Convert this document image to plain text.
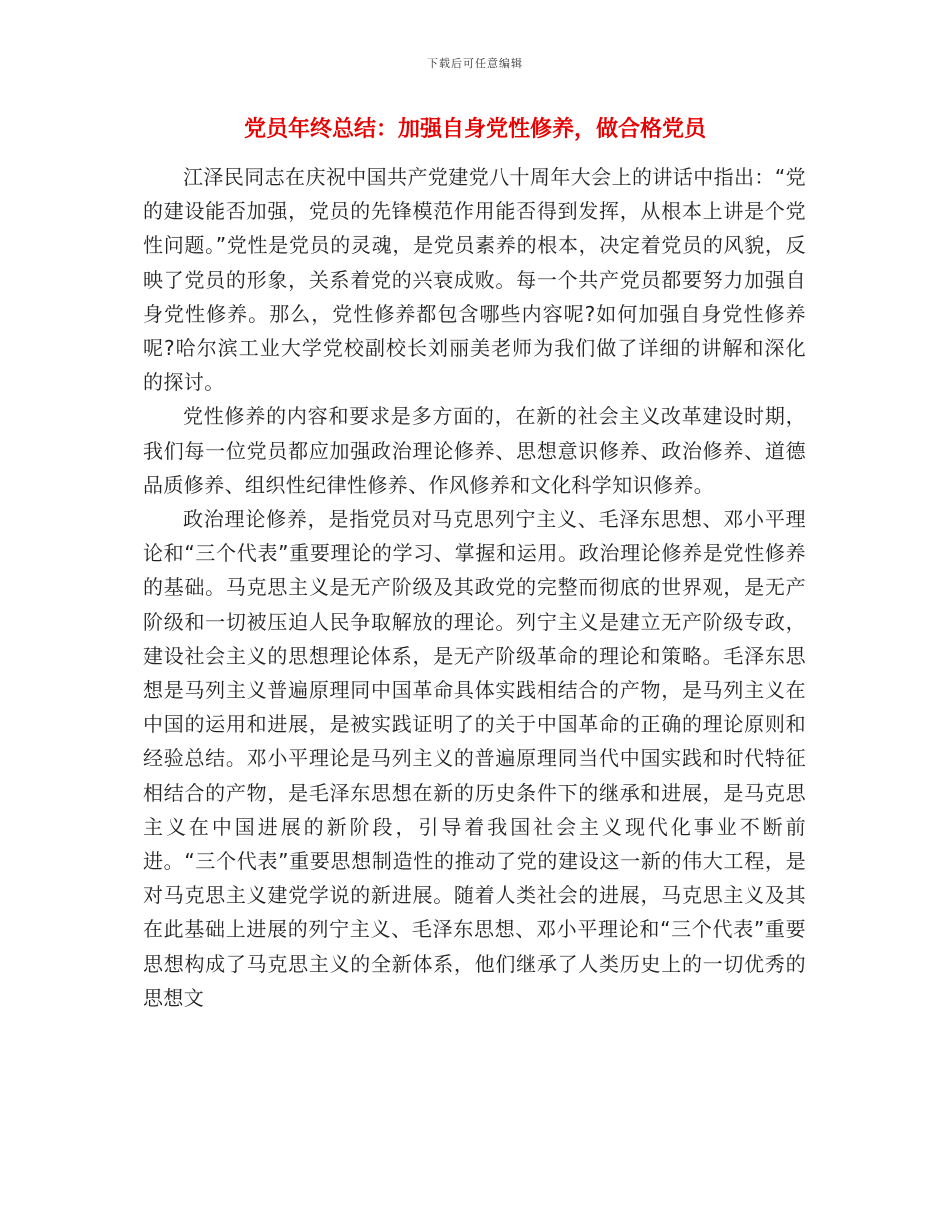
下载后可任意编辑
党员年终总结：加强自身党性修养，做合格党员

江泽民同志在庆祝中国共产党建党八十周年大会上的讲话中指出：“党的建设能否加强，党员的先锋模范作用能否得到发挥，从根本上讲是个党性问题。”党性是党员的灵魂，是党员素养的根本，决定着党员的风貌，反映了党员的形象，关系着党的兴衰成败。每一个共产党员都要努力加强自身党性修养。那么，党性修养都包含哪些内容呢?如何加强自身党性修养呢?哈尔滨工业大学党校副校长刘丽美老师为我们做了详细的讲解和深化的探讨。

党性修养的内容和要求是多方面的，在新的社会主义改革建设时期，我们每一位党员都应加强政治理论修养、思想意识修养、政治修养、道德品质修养、组织性纪律性修养、作风修养和文化科学知识修养。

政治理论修养，是指党员对马克思列宁主义、毛泽东思想、邓小平理论和“三个代表”重要理论的学习、掌握和运用。政治理论修养是党性修养的基础。马克思主义是无产阶级及其政党的完整而彻底的世界观，是无产阶级和一切被压迫人民争取解放的理论。列宁主义是建立无产阶级专政，建设社会主义的思想理论体系，是无产阶级革命的理论和策略。毛泽东思想是马列主义普遍原理同中国革命具体实践相结合的产物，是马列主义在中国的运用和进展，是被实践证明了的关于中国革命的正确的理论原则和经验总结。邓小平理论是马列主义的普遍原理同当代中国实践和时代特征相结合的产物，是毛泽东思想在新的历史条件下的继承和进展，是马克思主义在中国进展的新阶段，引导着我国社会主义现代化事业不断前进。“三个代表”重要思想制造性的推动了党的建设这一新的伟大工程，是对马克思主义建党学说的新进展。随着人类社会的进展，马克思主义及其在此基础上进展的列宁主义、毛泽东思想、邓小平理论和“三个代表”重要思想构成了马克思主义的全新体系，他们继承了人类历史上的一切优秀的思想文
